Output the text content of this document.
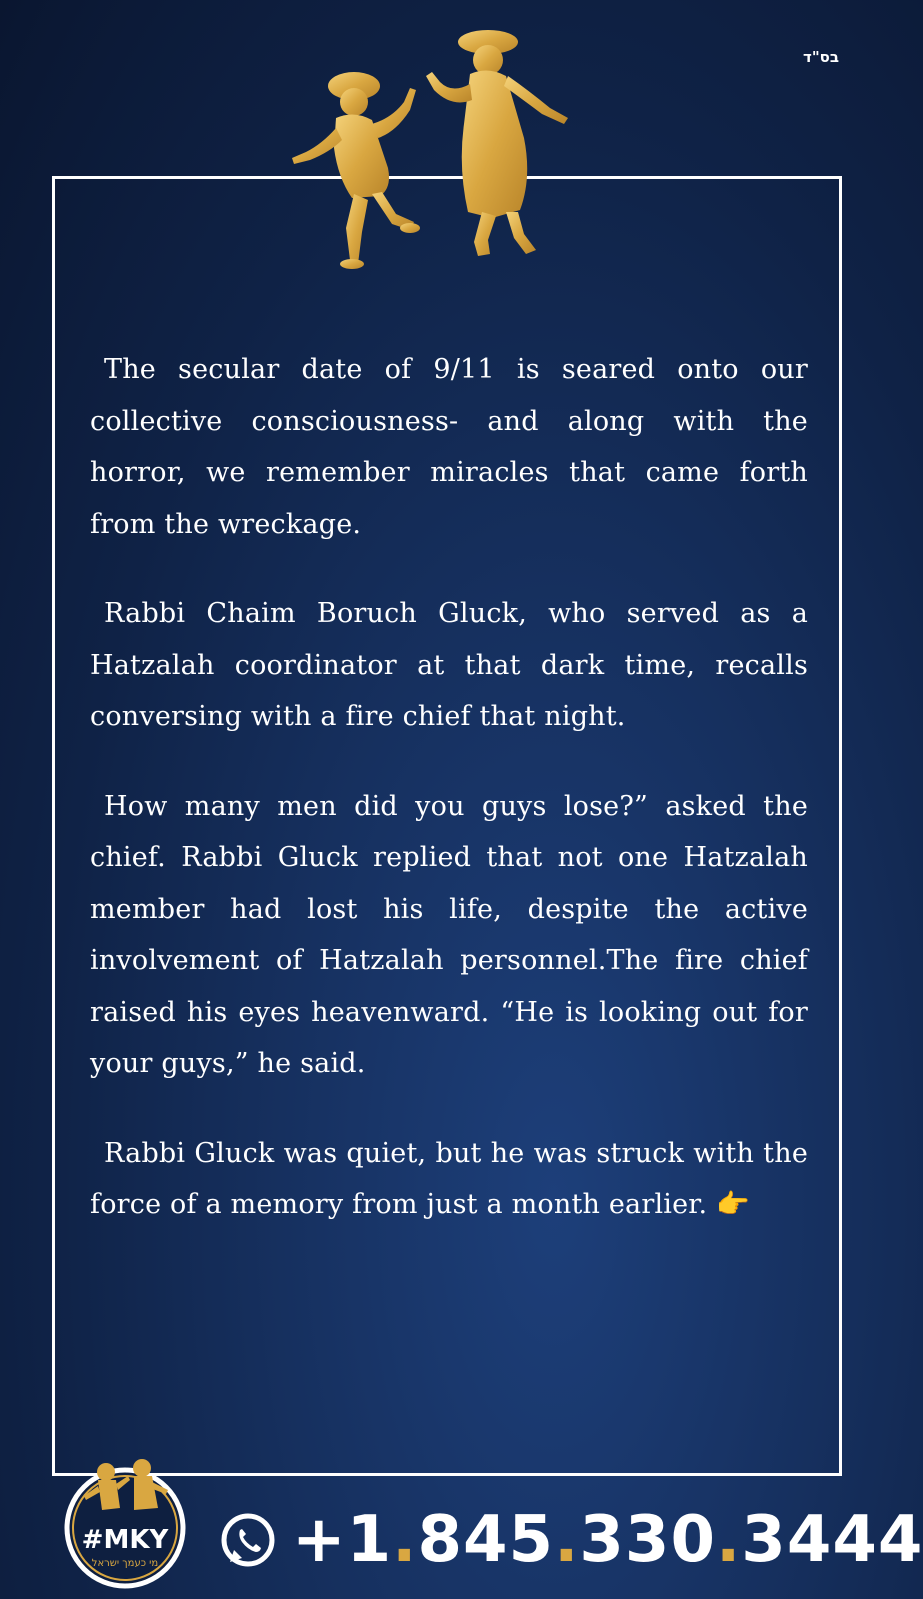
בס"ד

The secular date of 9/11 is seared onto our collective consciousness- and along with the horror, we remember miracles that came forth from the wreckage.

Rabbi Chaim Boruch Gluck, who served as a Hatzalah coordinator at that dark time, recalls conversing with a fire chief that night.

How many men did you guys lose?” asked the chief. Rabbi Gluck replied that not one Hatzalah member had lost his life, despite the active involvement of Hatzalah personnel.The fire chief raised his eyes heavenward. “He is looking out for your guys,” he said.

Rabbi Gluck was quiet, but he was struck with the force of a memory from just a month earlier. 👉

#MKY
מי כעמך ישראל +1.845.330.3444
